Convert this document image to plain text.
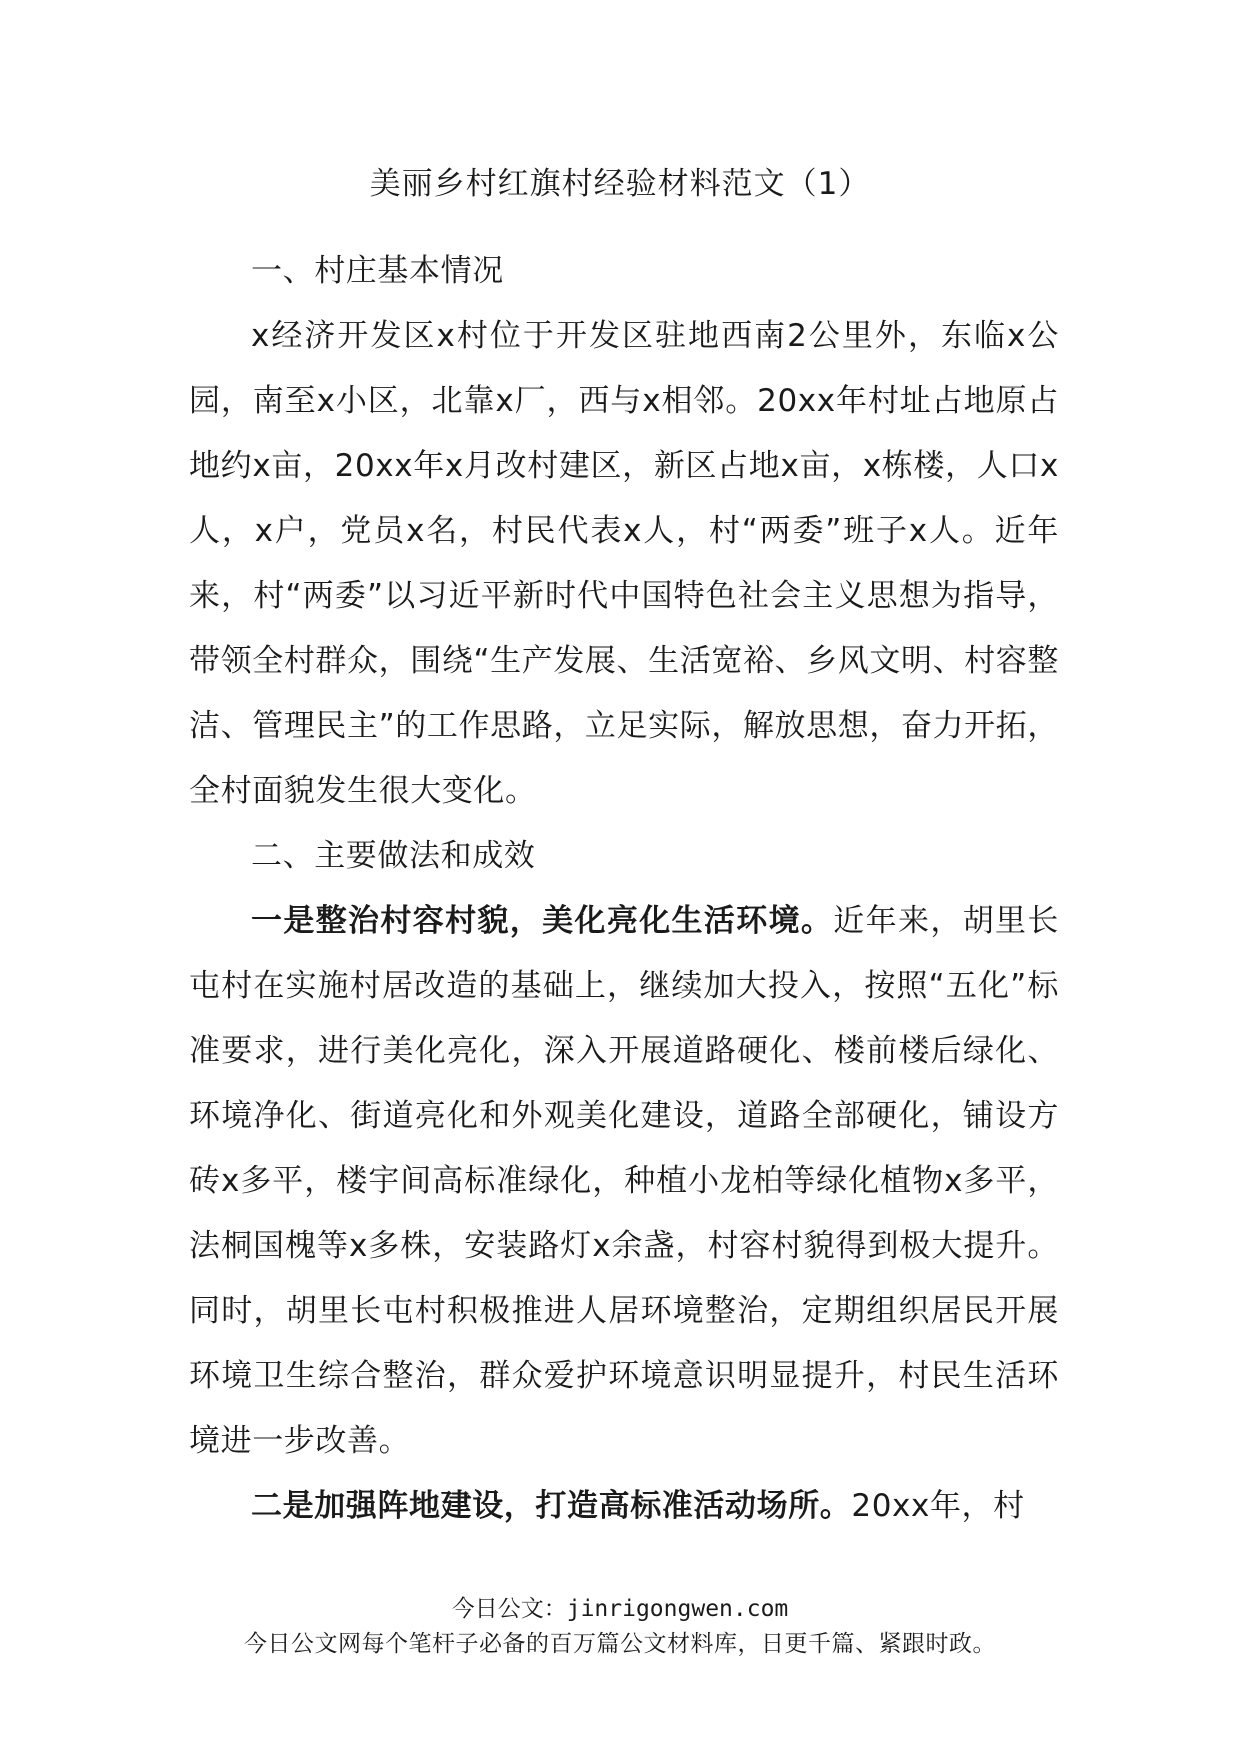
美丽乡村红旗村经验材料范文（1）

一、村庄基本情况

x经济开发区x村位于开发区驻地西南2公里外，东临x公园，南至x小区，北靠x厂，西与x相邻。20xx年村址占地原占地约x亩，20xx年x月改村建区，新区占地x亩，x栋楼，人口x人，x户，党员x名，村民代表x人，村“两委”班子x人。近年来，村“两委”以习近平新时代中国特色社会主义思想为指导，带领全村群众，围绕“生产发展、生活宽裕、乡风文明、村容整洁、管理民主”的工作思路，立足实际，解放思想，奋力开拓，全村面貌发生很大变化。

二、主要做法和成效

一是整治村容村貌，美化亮化生活环境。近年来，胡里长屯村在实施村居改造的基础上，继续加大投入，按照“五化”标准要求，进行美化亮化，深入开展道路硬化、楼前楼后绿化、环境净化、街道亮化和外观美化建设，道路全部硬化，铺设方砖x多平，楼宇间高标准绿化，种植小龙柏等绿化植物x多平，法桐国槐等x多株，安装路灯x余盏，村容村貌得到极大提升。同时，胡里长屯村积极推进人居环境整治，定期组织居民开展环境卫生综合整治，群众爱护环境意识明显提升，村民生活环境进一步改善。

二是加强阵地建设，打造高标准活动场所。20xx年，村

今日公文：jinrigongwen.com
今日公文网每个笔杆子必备的百万篇公文材料库，日更千篇、紧跟时政。
